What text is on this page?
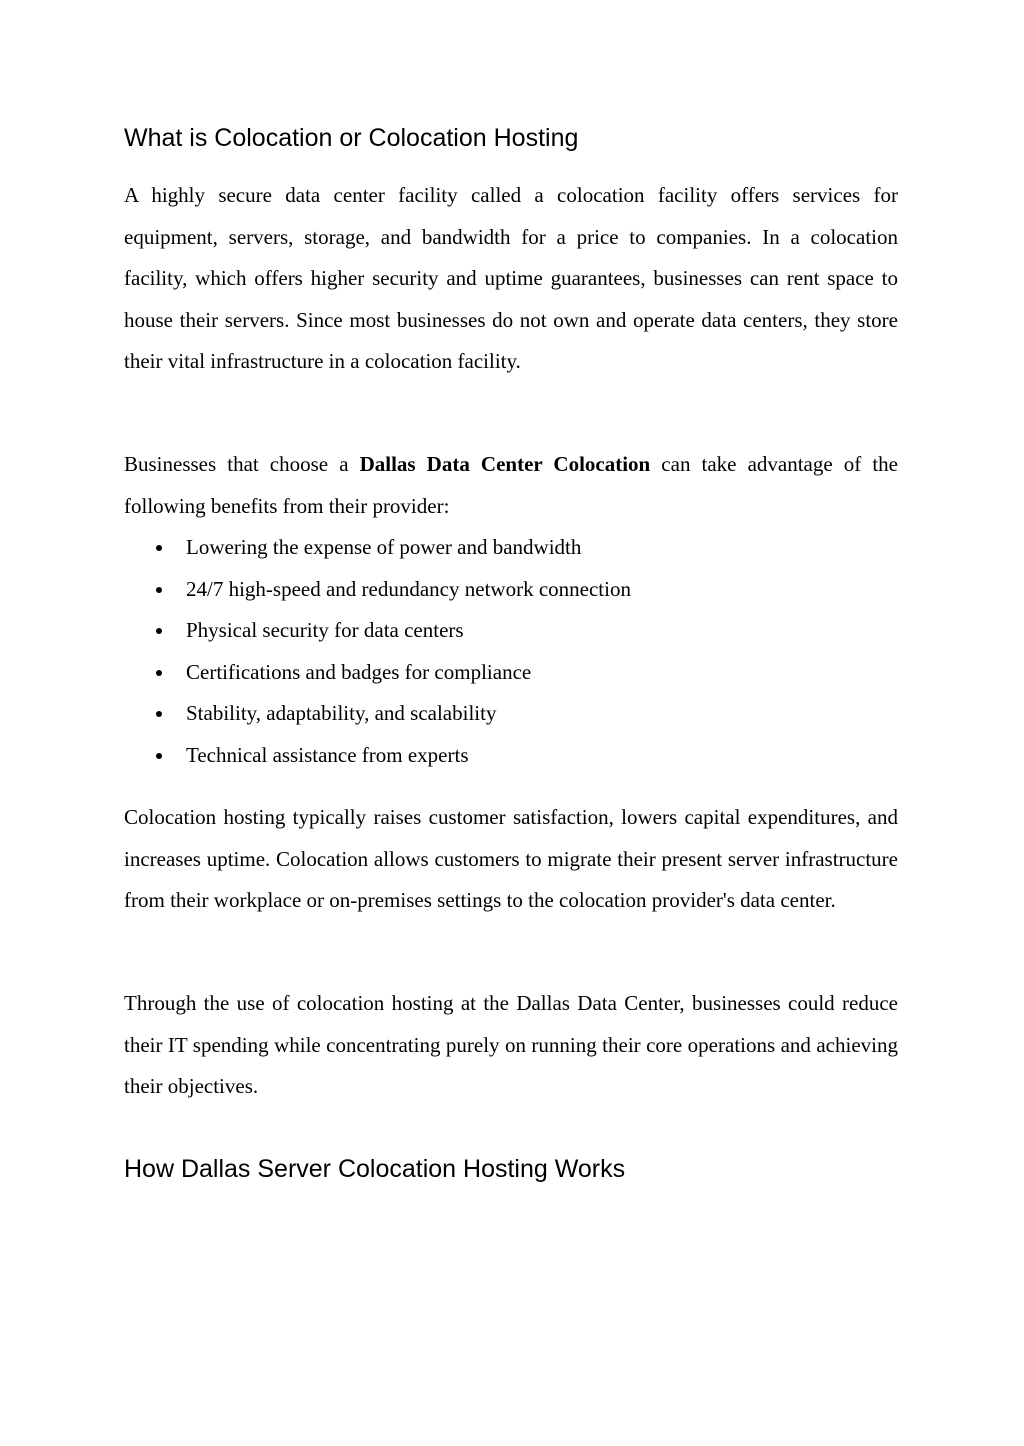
What is Colocation or Colocation Hosting

A highly secure data center facility called a colocation facility offers services for equipment, servers, storage, and bandwidth for a price to companies. In a colocation facility, which offers higher security and uptime guarantees, businesses can rent space to house their servers. Since most businesses do not own and operate data centers, they store their vital infrastructure in a colocation facility.

Businesses that choose a Dallas Data Center Colocation can take advantage of the following benefits from their provider:

Lowering the expense of power and bandwidth
24/7 high-speed and redundancy network connection
Physical security for data centers
Certifications and badges for compliance
Stability, adaptability, and scalability
Technical assistance from experts

Colocation hosting typically raises customer satisfaction, lowers capital expenditures, and increases uptime. Colocation allows customers to migrate their present server infrastructure from their workplace or on-premises settings to the colocation provider's data center.

Through the use of colocation hosting at the Dallas Data Center, businesses could reduce their IT spending while concentrating purely on running their core operations and achieving their objectives.

How Dallas Server Colocation Hosting Works
